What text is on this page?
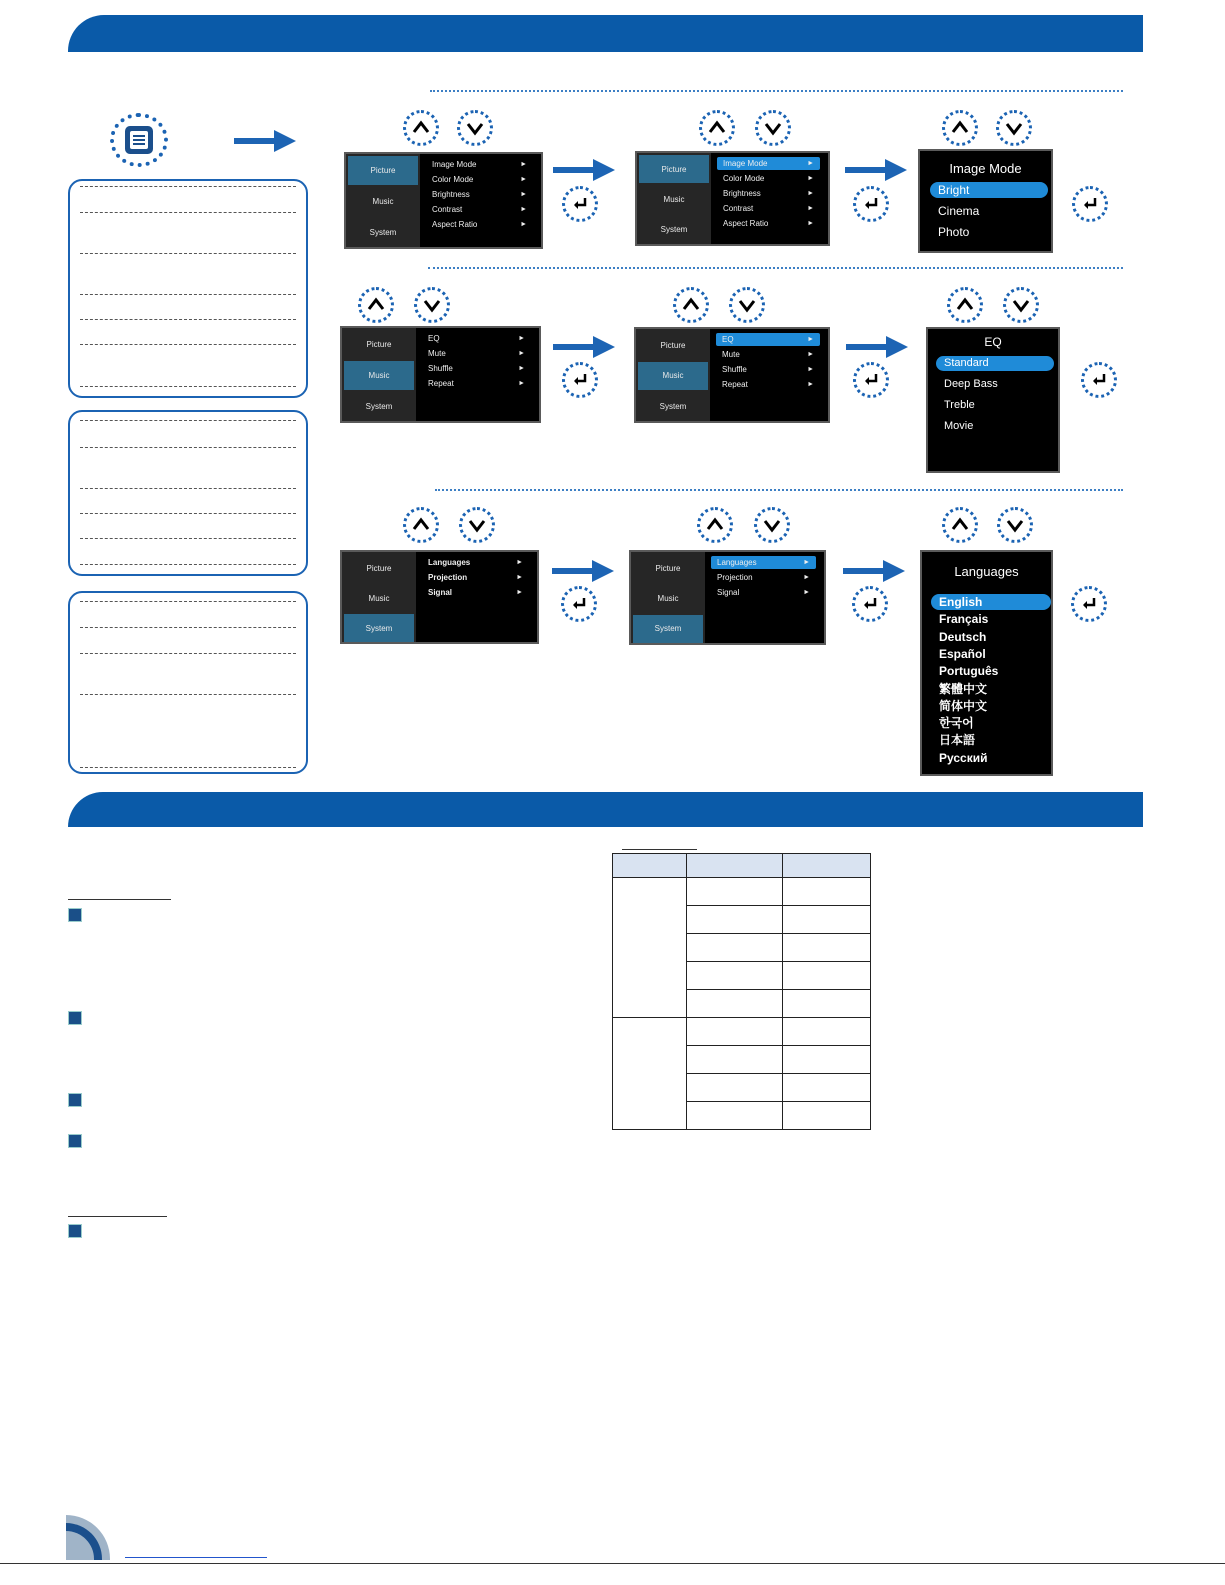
Picture
Music
System
Image Mode	►
Color Mode	►
Brightness	►
Contrast	►
Aspect Ratio	►
Picture
Music
System
Image Mode	►
Color Mode	►
Brightness	►
Contrast	►
Aspect Ratio	►
Image Mode
Bright
Cinema
Photo
Picture
Music
System
EQ	►
Mute	►
Shuffle	►
Repeat	►
Picture
Music
System
EQ	►
Mute	►
Shuffle	►
Repeat	►
EQ
Standard
Deep Bass
Treble
Movie
Picture
Music
System
Languages	►
Projection	►
Signal	►
Picture
Music
System
Languages	►
Projection	►
Signal	►
Languages
English
Français
Deutsch
Español
Português
繁體中文
简体中文
한국어
日本語
Русский
